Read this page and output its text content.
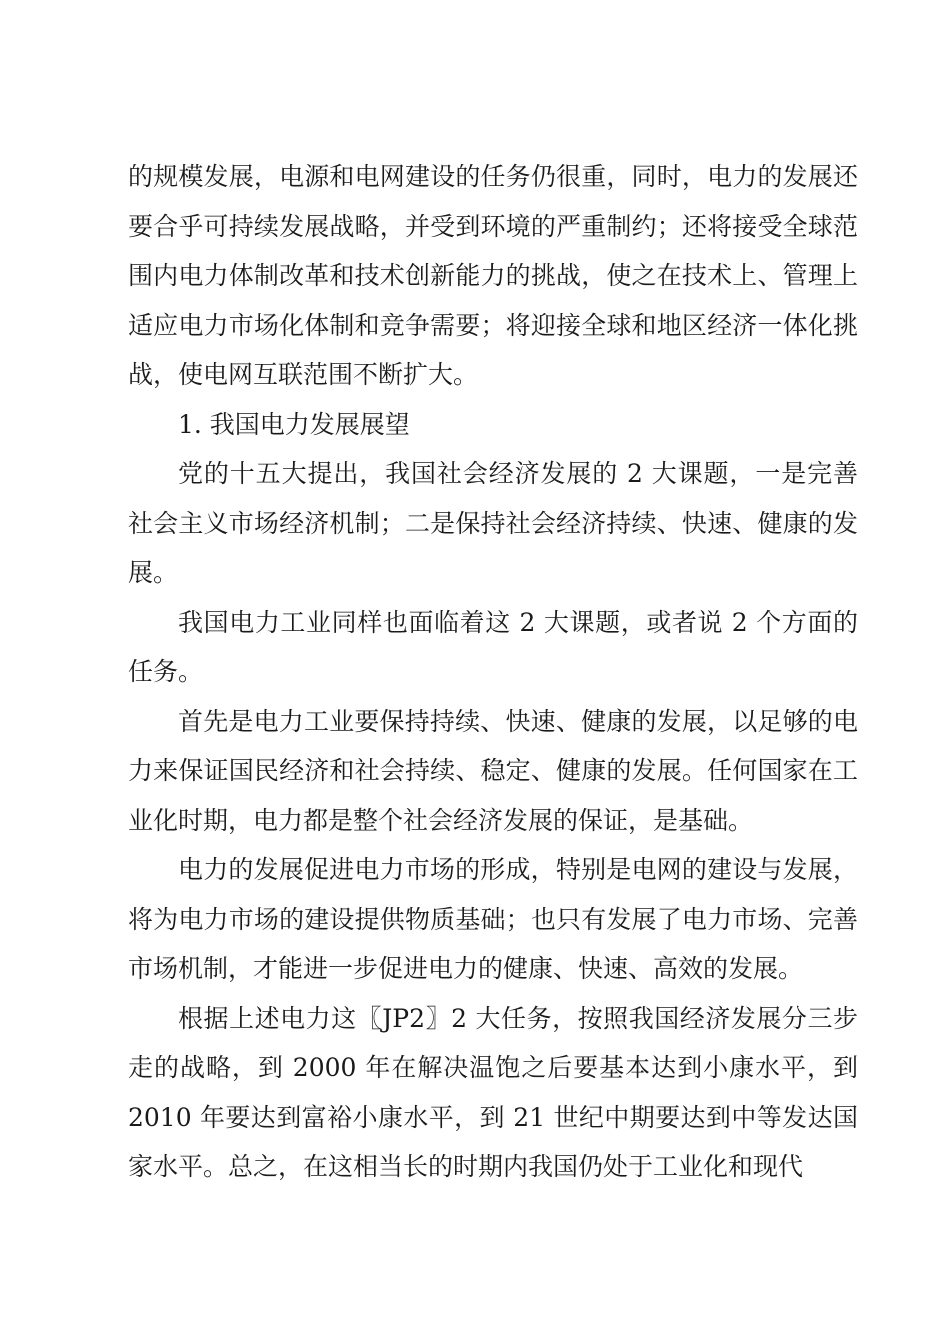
的规模发展，电源和电网建设的任务仍很重，同时，电力的发展还要合乎可持续发展战略，并受到环境的严重制约；还将接受全球范围内电力体制改革和技术创新能力的挑战，使之在技术上、管理上适应电力市场化体制和竞争需要；将迎接全球和地区经济一体化挑战，使电网互联范围不断扩大。

1. 我国电力发展展望

党的十五大提出，我国社会经济发展的 2 大课题，一是完善社会主义市场经济机制；二是保持社会经济持续、快速、健康的发展。

我国电力工业同样也面临着这 2 大课题，或者说 2 个方面的任务。

首先是电力工业要保持持续、快速、健康的发展，以足够的电力来保证国民经济和社会持续、稳定、健康的发展。任何国家在工业化时期，电力都是整个社会经济发展的保证，是基础。

电力的发展促进电力市场的形成，特别是电网的建设与发展，将为电力市场的建设提供物质基础；也只有发展了电力市场、完善市场机制，才能进一步促进电力的健康、快速、高效的发展。

根据上述电力这〖JP2〗2 大任务，按照我国经济发展分三步走的战略，到 2000 年在解决温饱之后要基本达到小康水平，到 2010 年要达到富裕小康水平，到 21 世纪中期要达到中等发达国家水平。总之，在这相当长的时期内我国仍处于工业化和现代
